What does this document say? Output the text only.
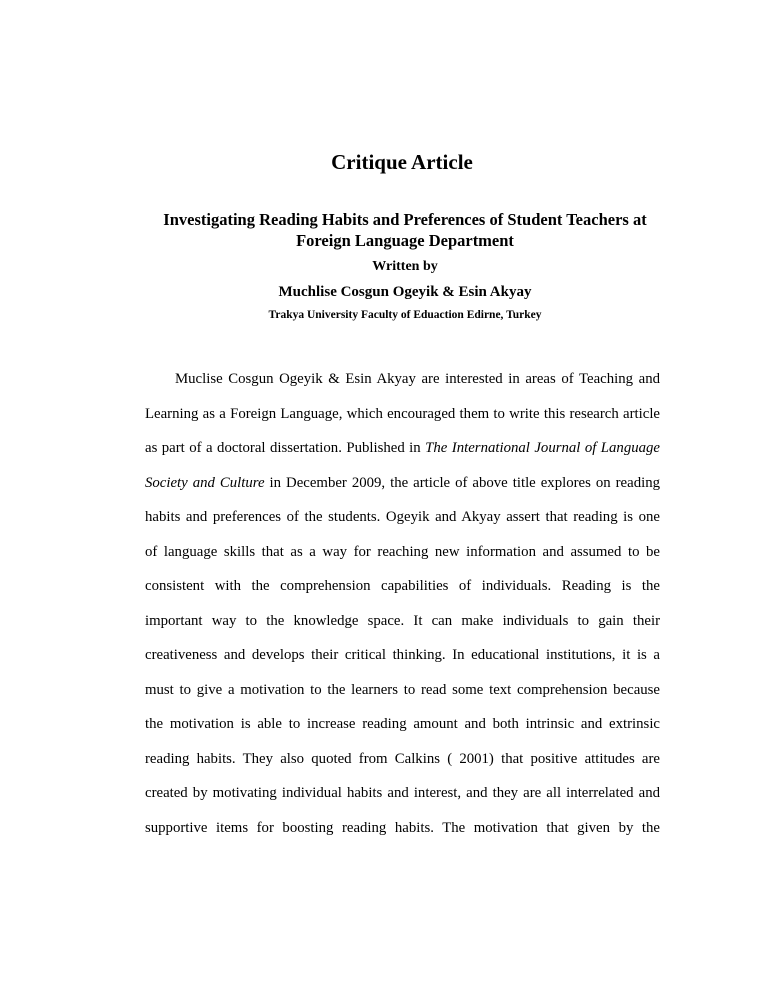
Critique Article
Investigating Reading Habits and Preferences of Student Teachers at Foreign Language Department

Written by

Muchlise Cosgun Ogeyik & Esin Akyay

Trakya University Faculty of Eduaction Edirne, Turkey

Muclise Cosgun Ogeyik & Esin Akyay are interested in areas of Teaching and
Learning as a Foreign Language, which encouraged them to write this research article
as part of a doctoral dissertation. Published in The International Journal of Language
Society and Culture in December 2009, the article of above title explores on reading
habits and preferences of the students. Ogeyik and Akyay assert that reading is one
of language skills that as a way for reaching new information and assumed to be
consistent with the comprehension capabilities of individuals. Reading is the
important way to the knowledge space. It can make individuals to gain their
creativeness and develops their critical thinking. In educational institutions, it is a
must to give a motivation to the learners to read some text comprehension because
the motivation is able to increase reading amount and both intrinsic and extrinsic
reading habits. They also quoted from Calkins ( 2001) that positive attitudes are
created by motivating individual habits and interest, and they are all interrelated and
supportive items for boosting reading habits. The motivation that given by the
